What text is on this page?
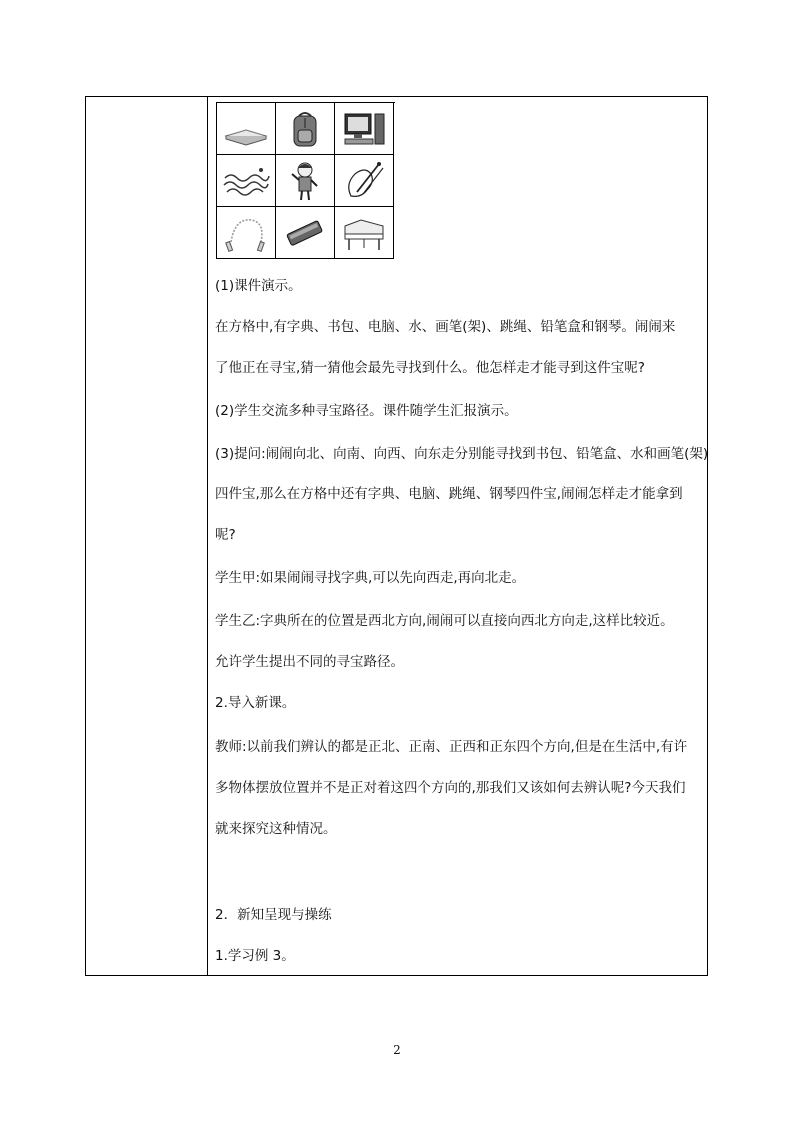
(1)课件演示。

在方格中,有字典、书包、电脑、水、画笔(架)、跳绳、铅笔盒和钢琴。闹闹来

了他正在寻宝,猜一猜他会最先寻找到什么。他怎样走才能寻到这件宝呢?

(2)学生交流多种寻宝路径。课件随学生汇报演示。

(3)提问:闹闹向北、向南、向西、向东走分别能寻找到书包、铅笔盒、水和画笔(架)

四件宝,那么在方格中还有字典、电脑、跳绳、钢琴四件宝,闹闹怎样走才能拿到

呢?

学生甲:如果闹闹寻找字典,可以先向西走,再向北走。

学生乙:字典所在的位置是西北方向,闹闹可以直接向西北方向走,这样比较近。

允许学生提出不同的寻宝路径。

2.导入新课。

教师:以前我们辨认的都是正北、正南、正西和正东四个方向,但是在生活中,有许

多物体摆放位置并不是正对着这四个方向的,那我们又该如何去辨认呢?今天我们

就来探究这种情况。

2．新知呈现与操练

1.学习例 3。

2
